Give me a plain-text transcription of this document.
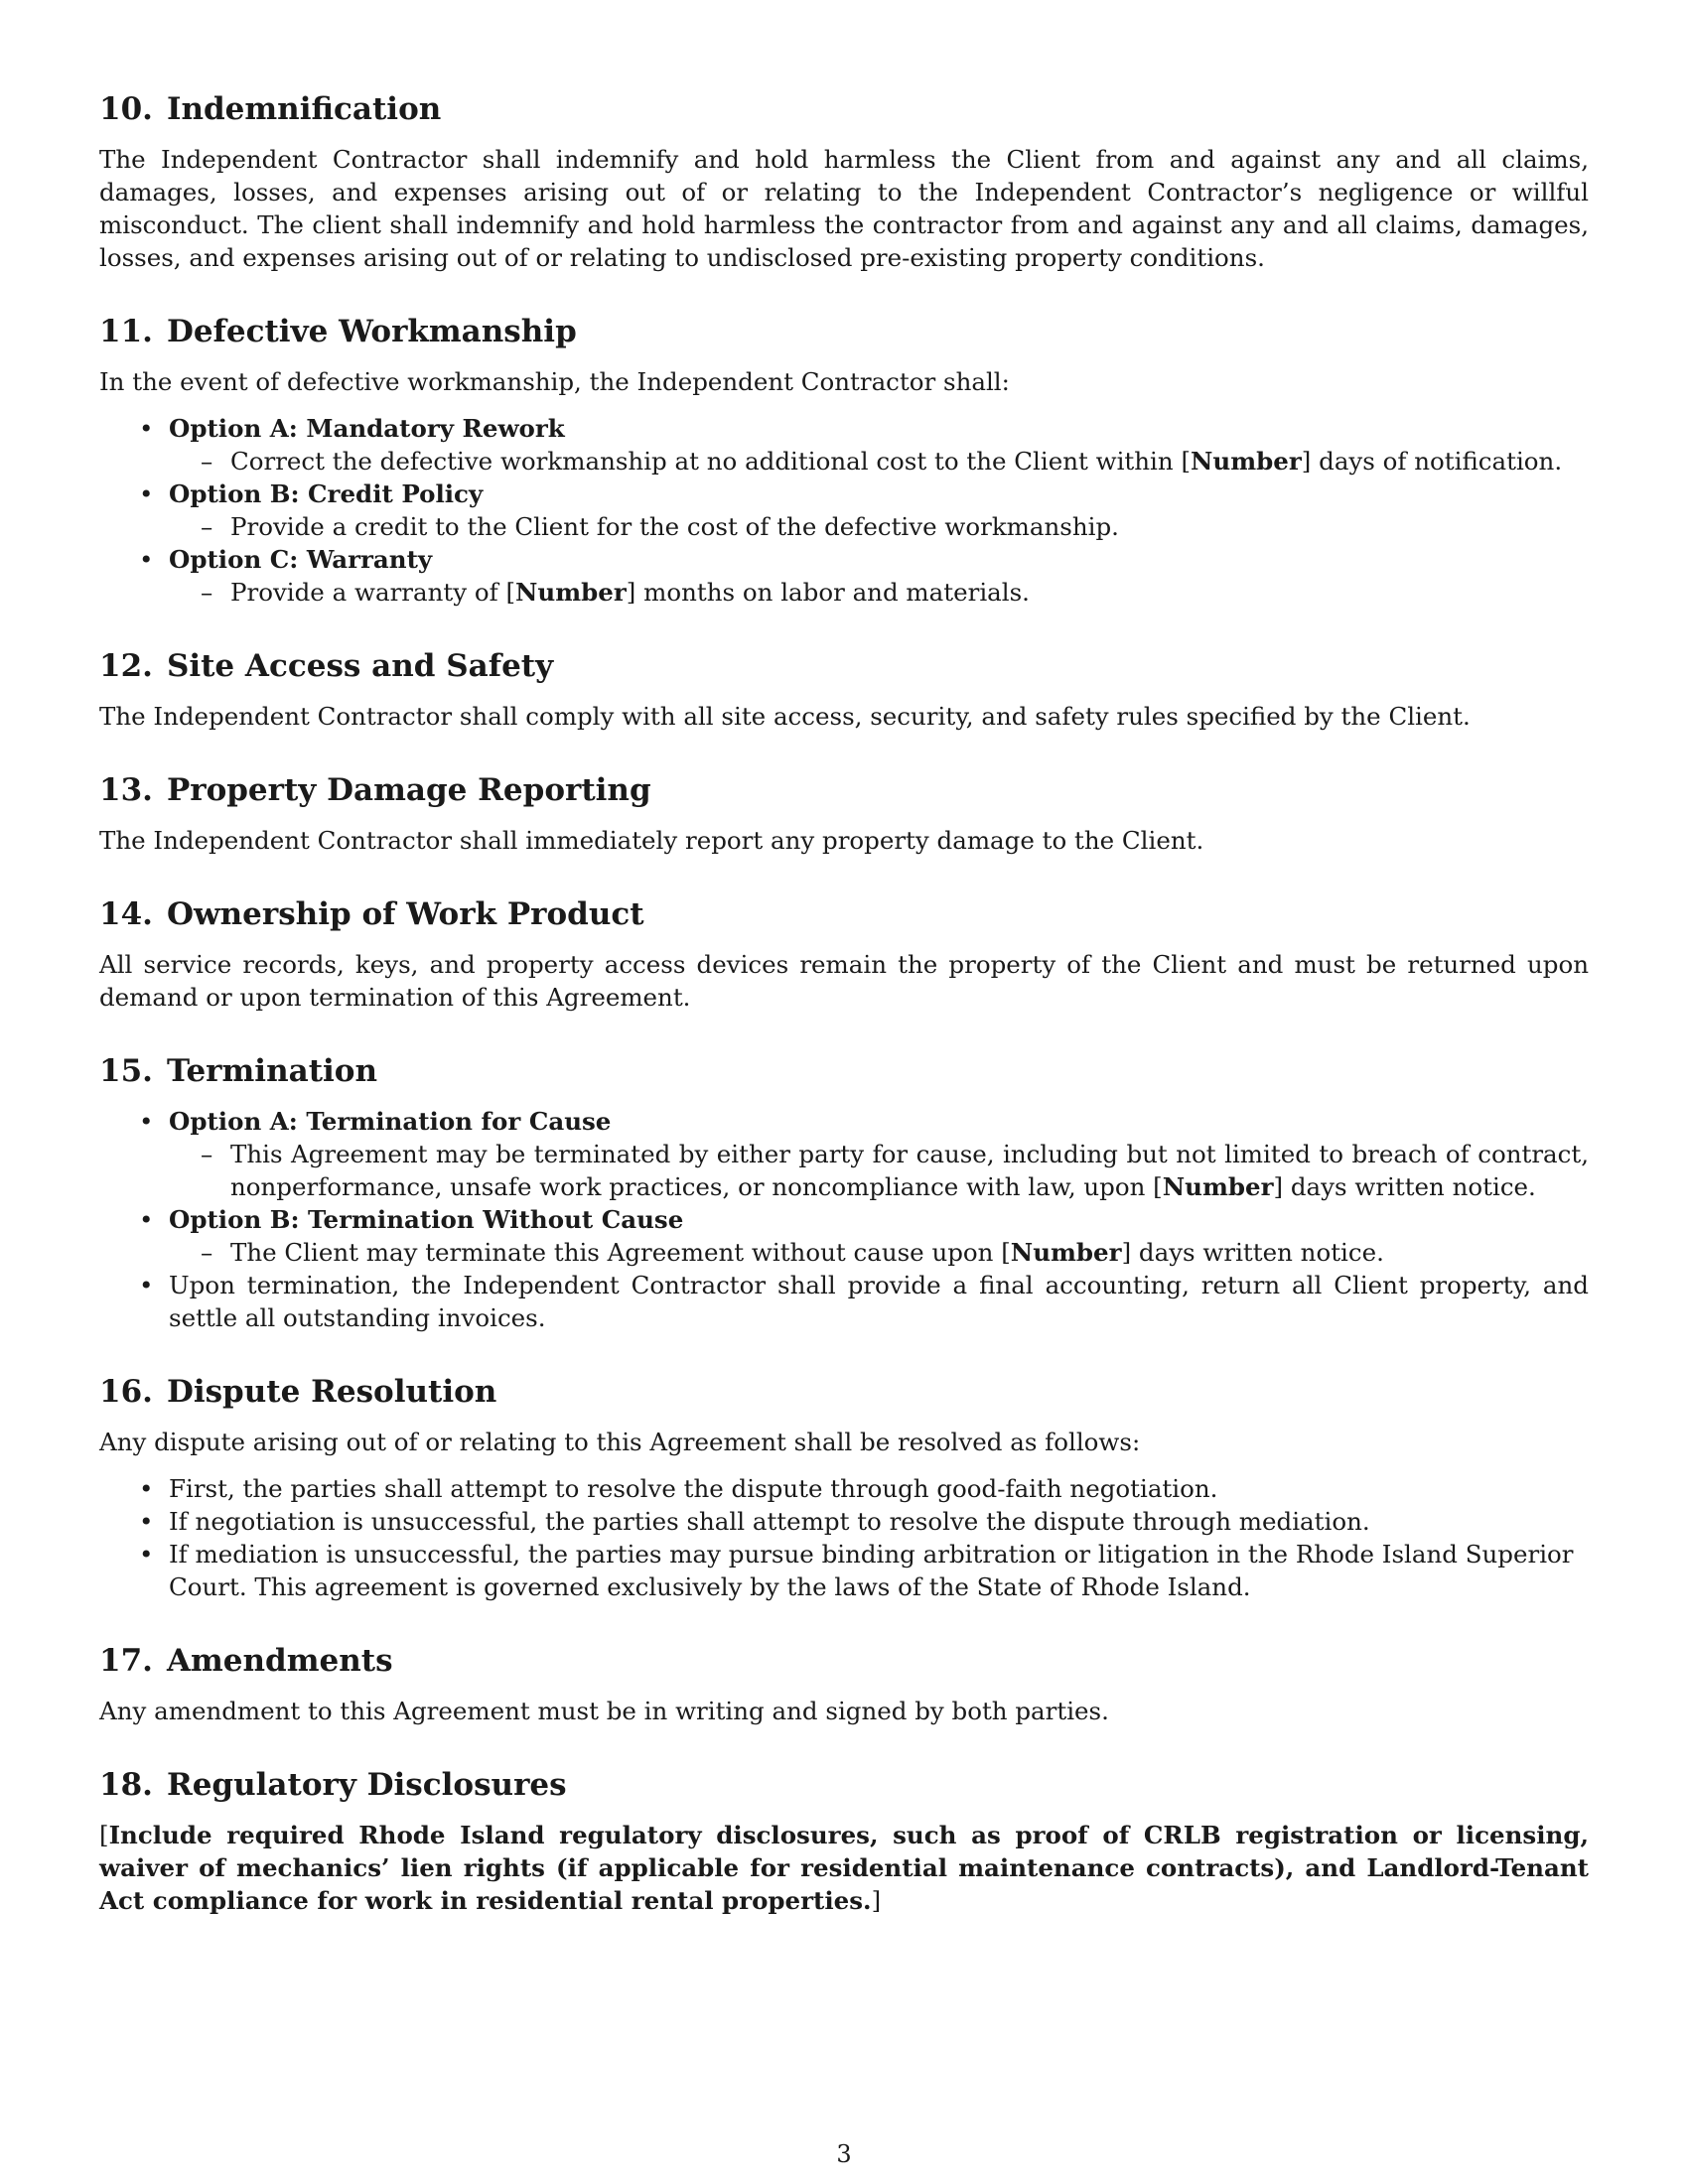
10. Indemnification

The Independent Contractor shall indemnify and hold harmless the Client from and against any and all claims, damages, losses, and expenses arising out of or relating to the Independent Contractor’s negligence or willful misconduct. The client shall indemnify and hold harmless the contractor from and against any and all claims, damages, losses, and expenses arising out of or relating to undisclosed pre-existing property conditions.

11. Defective Workmanship

In the event of defective workmanship, the Independent Contractor shall:

• Option A: Mandatory Rework
– Correct the defective workmanship at no additional cost to the Client within [Number] days of notification.
• Option B: Credit Policy
– Provide a credit to the Client for the cost of the defective workmanship.
• Option C: Warranty
– Provide a warranty of [Number] months on labor and materials.
12. Site Access and Safety

The Independent Contractor shall comply with all site access, security, and safety rules specified by the Client.

13. Property Damage Reporting

The Independent Contractor shall immediately report any property damage to the Client.

14. Ownership of Work Product

All service records, keys, and property access devices remain the property of the Client and must be returned upon demand or upon termination of this Agreement.

15. Termination
• Option A: Termination for Cause
– This Agreement may be terminated by either party for cause, including but not limited to breach of contract, nonperformance, unsafe work practices, or noncompliance with law, upon [Number] days written notice.
• Option B: Termination Without Cause
– The Client may terminate this Agreement without cause upon [Number] days written notice.
• Upon termination, the Independent Contractor shall provide a final accounting, return all Client property, and settle all outstanding invoices.
16. Dispute Resolution

Any dispute arising out of or relating to this Agreement shall be resolved as follows:

• First, the parties shall attempt to resolve the dispute through good-faith negotiation.
• If negotiation is unsuccessful, the parties shall attempt to resolve the dispute through mediation.
• If mediation is unsuccessful, the parties may pursue binding arbitration or litigation in the Rhode Island Superior Court. This agreement is governed exclusively by the laws of the State of Rhode Island.
17. Amendments

Any amendment to this Agreement must be in writing and signed by both parties.

18. Regulatory Disclosures

[Include required Rhode Island regulatory disclosures, such as proof of CRLB registration or licensing, waiver of mechanics’ lien rights (if applicable for residential maintenance contracts), and Landlord-Tenant Act compliance for work in residential rental properties.]

3
